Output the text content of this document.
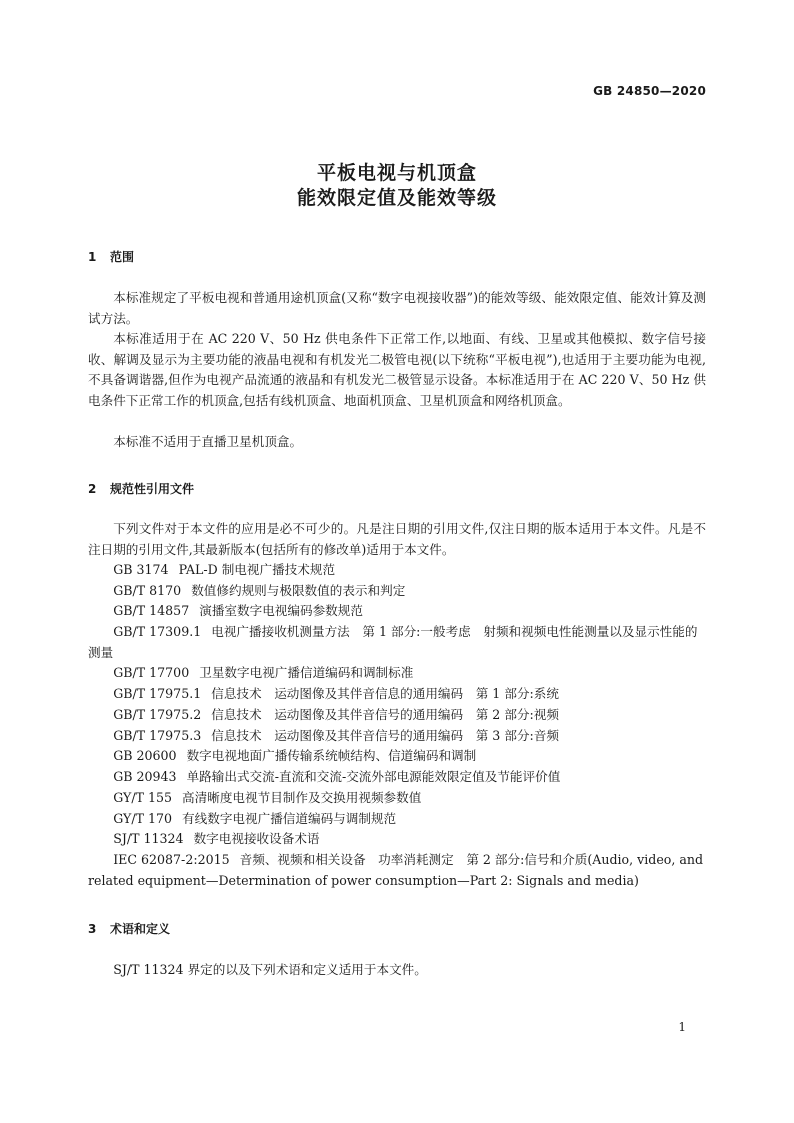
GB 24850—2020
平板电视与机顶盒
能效限定值及能效等级
1 范围
本标准规定了平板电视和普通用途机顶盒(又称“数字电视接收器”)的能效等级、能效限定值、能效计算及测试方法。
本标准适用于在 AC 220 V、50 Hz 供电条件下正常工作,以地面、有线、卫星或其他模拟、数字信号接收、解调及显示为主要功能的液晶电视和有机发光二极管电视(以下统称“平板电视”),也适用于主要功能为电视,不具备调谐器,但作为电视产品流通的液晶和有机发光二极管显示设备。本标准适用于在 AC 220 V、50 Hz 供电条件下正常工作的机顶盒,包括有线机顶盒、地面机顶盒、卫星机顶盒和网络机顶盒。
本标准不适用于直播卫星机顶盒。
2 规范性引用文件
下列文件对于本文件的应用是必不可少的。凡是注日期的引用文件,仅注日期的版本适用于本文件。凡是不注日期的引用文件,其最新版本(包括所有的修改单)适用于本文件。
GB 3174 PAL-D 制电视广播技术规范
GB/T 8170 数值修约规则与极限数值的表示和判定
GB/T 14857 演播室数字电视编码参数规范
GB/T 17309.1 电视广播接收机测量方法　第 1 部分:一般考虑　射频和视频电性能测量以及显示性能的测量
GB/T 17700 卫星数字电视广播信道编码和调制标准
GB/T 17975.1 信息技术　运动图像及其伴音信息的通用编码　第 1 部分:系统
GB/T 17975.2 信息技术　运动图像及其伴音信号的通用编码　第 2 部分:视频
GB/T 17975.3 信息技术　运动图像及其伴音信号的通用编码　第 3 部分:音频
GB 20600 数字电视地面广播传输系统帧结构、信道编码和调制
GB 20943 单路输出式交流-直流和交流-交流外部电源能效限定值及节能评价值
GY/T 155 高清晰度电视节目制作及交换用视频参数值
GY/T 170 有线数字电视广播信道编码与调制规范
SJ/T 11324 数字电视接收设备术语
IEC 62087-2:2015 音频、视频和相关设备　功率消耗测定　第 2 部分:信号和介质(Audio, video, and related equipment—Determination of power consumption—Part 2: Signals and media)
3 术语和定义
SJ/T 11324 界定的以及下列术语和定义适用于本文件。
1
